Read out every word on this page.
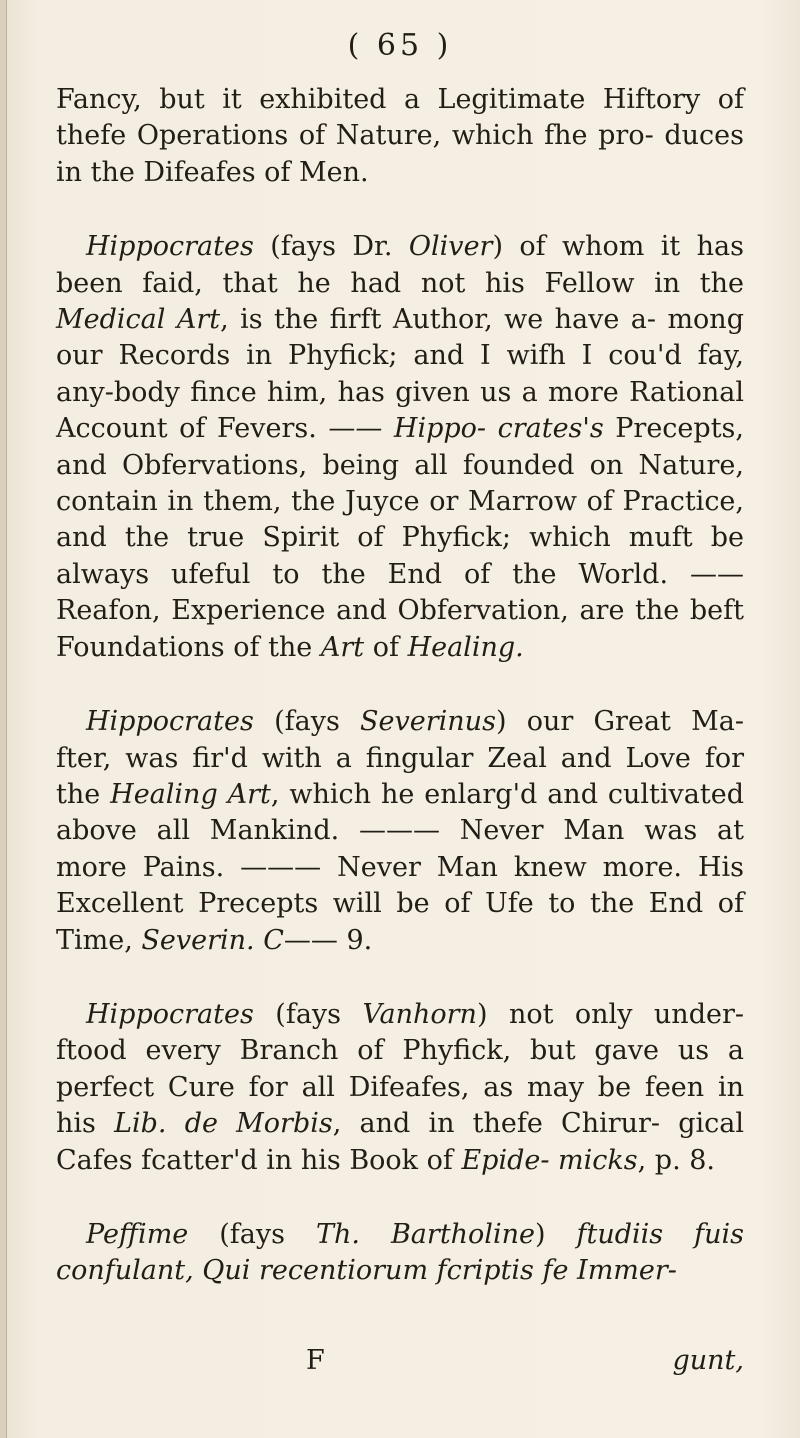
( 65 )

Fancy, but it exhibited a Legitimate Hiftory of thefe Operations of Nature, which fhe pro- duces in the Difeafes of Men.

Hippocrates (fays Dr. Oliver) of whom it has been faid, that he had not his Fellow in the Medical Art, is the firft Author, we have a- mong our Records in Phyfick; and I wifh I cou'd fay, any-body fince him, has given us a more Rational Account of Fevers. —— Hippo- crates's Precepts, and Obfervations, being all founded on Nature, contain in them, the Juyce or Marrow of Practice, and the true Spirit of Phyfick; which muft be always ufeful to the End of the World. —— Reafon, Experience and Obfervation, are the beft Foundations of the Art of Healing.

Hippocrates (fays Severinus) our Great Ma- fter, was fir'd with a fingular Zeal and Love for the Healing Art, which he enlarg'd and cultivated above all Mankind. ——— Never Man was at more Pains. ——— Never Man knew more. His Excellent Precepts will be of Ufe to the End of Time, Severin. C—— 9.

Hippocrates (fays Vanhorn) not only under- ftood every Branch of Phyfick, but gave us a perfect Cure for all Difeafes, as may be feen in his Lib. de Morbis, and in thefe Chirur- gical Cafes fcatter'd in his Book of Epide- micks, p. 8.

Peffime (fays Th. Bartholine) ftudiis fuis confulant, Qui recentiorum fcriptis fe Immer-

F	gunt,
